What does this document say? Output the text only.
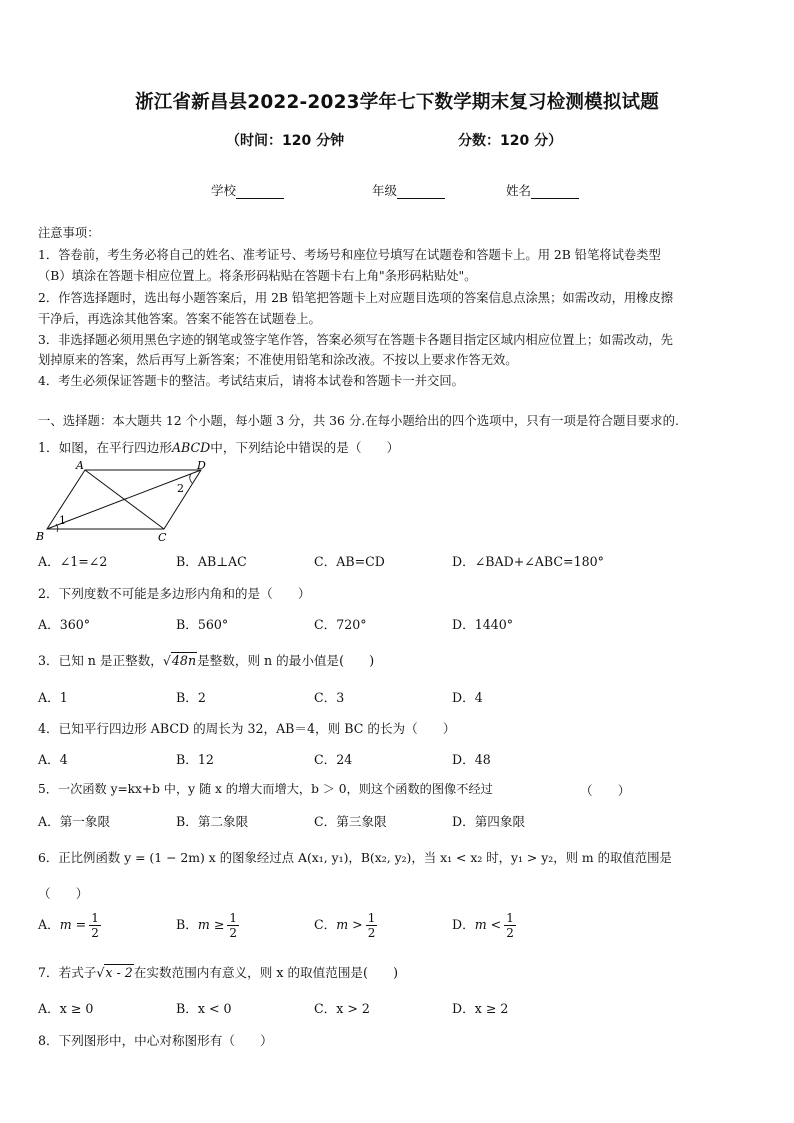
浙江省新昌县2022-2023学年七下数学期末复习检测模拟试题
（时间：120 分钟	分数：120 分）
学校	年级	姓名
注意事项：
1．答卷前，考生务必将自己的姓名、准考证号、考场号和座位号填写在试题卷和答题卡上。用 2B 铅笔将试卷类型
（B）填涂在答题卡相应位置上。将条形码粘贴在答题卡右上角"条形码粘贴处"。
2．作答选择题时，选出每小题答案后，用 2B 铅笔把答题卡上对应题目选项的答案信息点涂黑；如需改动，用橡皮擦
干净后，再选涂其他答案。答案不能答在试题卷上。
3．非选择题必须用黑色字迹的钢笔或签字笔作答，答案必须写在答题卡各题目指定区域内相应位置上；如需改动，先
划掉原来的答案，然后再写上新答案；不准使用铅笔和涂改液。不按以上要求作答无效。
4．考生必须保证答题卡的整洁。考试结束后，请将本试卷和答题卡一并交回。
一、选择题：本大题共 12 个小题，每小题 3 分，共 36 分.在每小题给出的四个选项中，只有一项是符合题目要求的.
1．如图，在平行四边形ABCD中，下列结论中错误的是（　　）
A	D
B	C
1
2
A．∠1=∠2	B．AB⊥AC	C．AB=CD	D．∠BAD+∠ABC=180°
2．下列度数不可能是多边形内角和的是（　　）
A．360°	B．560°	C．720°	D．1440°
3．已知 n 是正整数，√48n是整数，则 n 的最小值是(　　)
A．1	B．2	C．3	D．4
4．已知平行四边形 ABCD 的周长为 32，AB＝4，则 BC 的长为（　　）
A．4	B．12	C．24	D．48
5．一次函数 y=kx+b 中，y 随 x 的增大而增大，b ＞ 0，则这个函数的图像不经过	（　　）
A．第一象限	B．第二象限	C．第三象限	D．第四象限
6．正比例函数 y = (1 − 2m) x 的图象经过点 A(x₁, y₁)，B(x₂, y₂)，当 x₁ < x₂ 时，y₁ > y₂，则 m 的取值范围是
（　　）
A．$m = \frac{1}{2}$	B．$m \ge \frac{1}{2}$	C．$m > \frac{1}{2}$	D．$m < \frac{1}{2}$
7．若式子√x - 2在实数范围内有意义，则 x 的取值范围是(　　)
A．x ≥ 0	B．x < 0	C．x > 2	D．x ≥ 2
8．下列图形中，中心对称图形有（　　）
